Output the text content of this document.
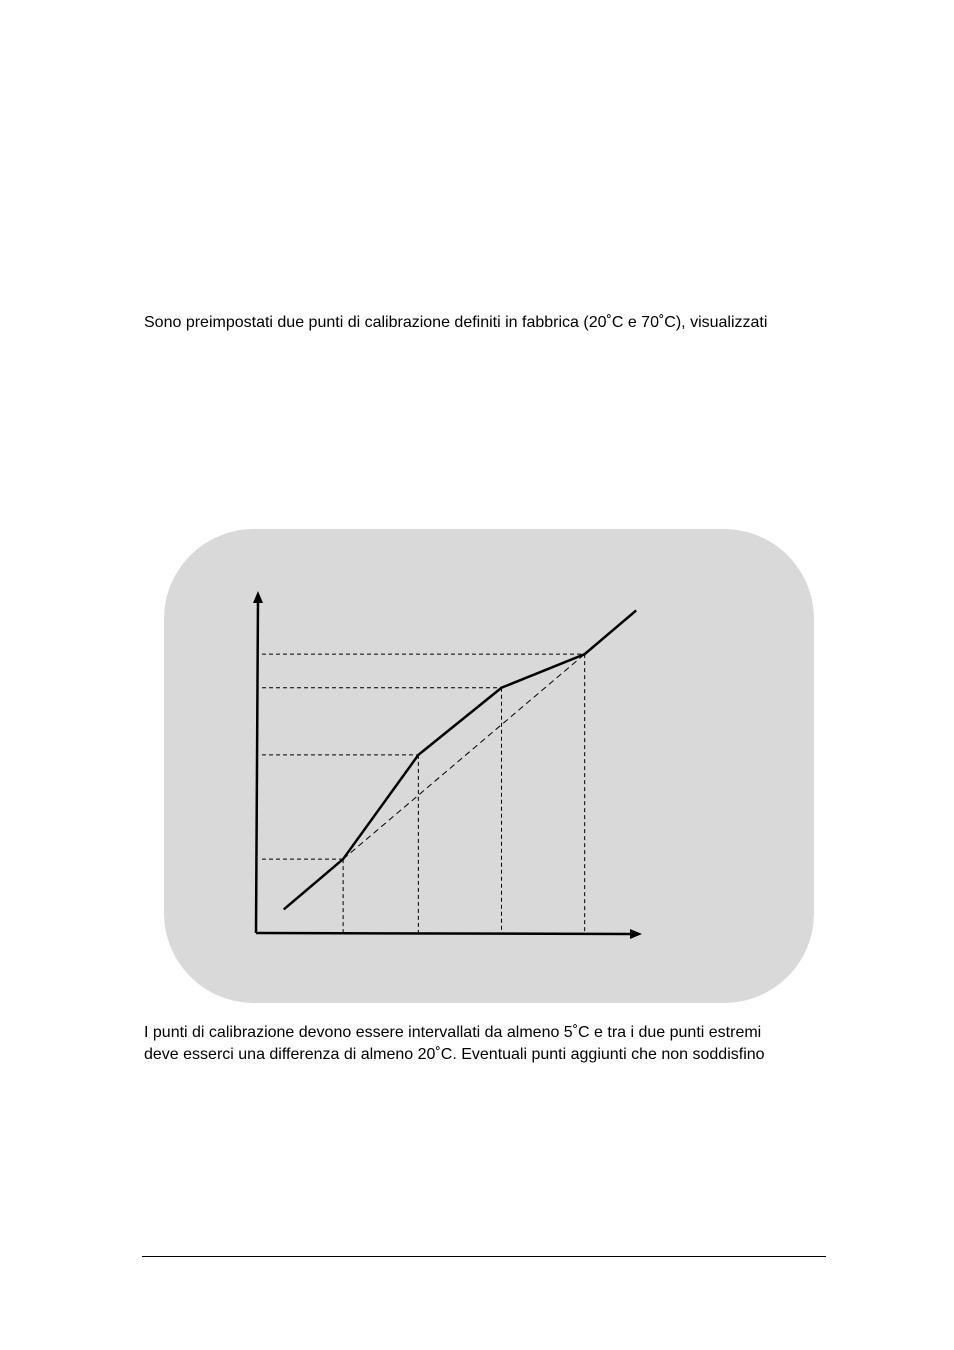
Sono preimpostati due punti di calibrazione definiti in fabbrica (20˚C e 70˚C), visualizzati

I punti di calibrazione devono essere intervallati da almeno 5˚C e tra i due punti estremi
deve esserci una differenza di almeno 20˚C. Eventuali punti aggiunti che non soddisfino
